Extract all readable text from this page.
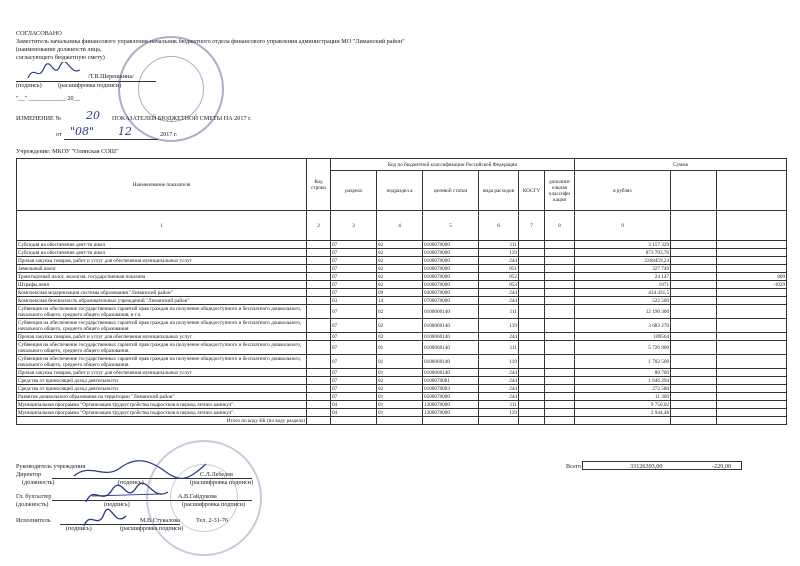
СОГЛАСОВАНО
Заместитель начальника финансового управления-начальник бюджетного отдела финансового управления администрации МО "Лиманский район"
(наименование должности лица,
согласующего бюджетную смету)
/Т.В.Шерешкина/
(подпись)	(расшифровка подписи)
"__" ____________ 20__
ИЗМЕНЕНИЕ № 20 ПОКАЗАТЕЛЕЙ БЮДЖЕТНОЙ СМЕТЫ НА 2017 г.
от "08" 12	2017 г.
Учреждение: МКОУ "Олинская СОШ"
Наименование показателя	Код строки	Код по бюджетной классификации Российской Федерации						Сумма		
		раздела	подраздел а	целевой статьи	вида расходов	КОСГУ	дополнит ельная классифи кация	в рублях		
1	2	3	4	5	6	7	8	9		
Субсидия на обеспечение деят-ти школ		07	02	0100070000	111			3 157 329		
Субсидия на обеспечение деят-ти школ		07	02	0100070000	119			873 703,76		
Прочая закупка товаров, работ и услуг для обеспечения муниципальных услуг		07	02	0100070000	244			2268459,24		
Земельный налог		07	02	0100070000	851			327 749		
Транспортный налог, экология, государственная пошлина		07	02	0100070000	852			24 147		800
Штрафы,пени		07	02	0100070000	853			1971		-1029
Комплексная модернизация системы образования "Лиманский район"		07	09	0400070000	244			434 431,5		
Комплексная безопасность образовательных учреждений "Лиманский район"		03	14	0700070000	244			522 500		
Субвенция на обеспечение государственных гарантий прав граждан на получение общедоступного и бесплатного дошкольного, начального общего, среднего общего образования, в т.ч.		07	02	0100060140	111			12 190 300		
Субвенция на обеспечение государственных гарантий прав граждан на получение общедоступного и бесплатного дошкольного, начального общего, среднего общего образования.		07	02	0100060140	119			3 683 270		
Прочая закупка товаров, работ и услуг для обеспечения муниципальных услуг		07	02	0100060140	244			189564		
Субвенция на обеспечение государственных гарантий прав граждан на получение общедоступного и бесплатного дошкольного, начального общего, среднего общего образования.		07	01	0100060140	111			5 726 900		
Субвенция на обеспечение государственных гарантий прав граждан на получение общедоступного и бесплатного дошкольного, начального общего, среднего общего образования.		07	01	0100060140	119			1 702 500		
Прочая закупка товаров, работ и услуг для обеспечения муниципальных услуг		07	01	0100060140	244			80 700		
Средства от приносящей доход деятельности		07	02	0100070001	244			1 646 294		
Средства от приносящей доход деятельности		07	02	0100070003	244			272 580		
Развитие дошкольного образования на территории "Лиманский район"		07	01	0500070000	244			11 300		
Муниципальная программа "Организация трудоустройства подростков в период летних каникул".		04	01	1300070000	111			9 750,02		
Муниципальная программа "Организация трудоустройства подростков в период летних каникул".		04	01	1300070000	119			2 944,48		
Итого по коду БК (по коду раздела)										
Всего	33126393,00	-229,00
Руководитель учреждения
Директор	С.Л.Лебедев
(должность)	(подпись)	(расшифровка подписи)
Гл. бухгалтер	А.В.Гайдукова
(должность)	(подпись)	(расшифровка подписи)
Исполнитель	М.В.Стукалова	Тел. 2-31-76
(подпись)	(расшифровка подписи)
